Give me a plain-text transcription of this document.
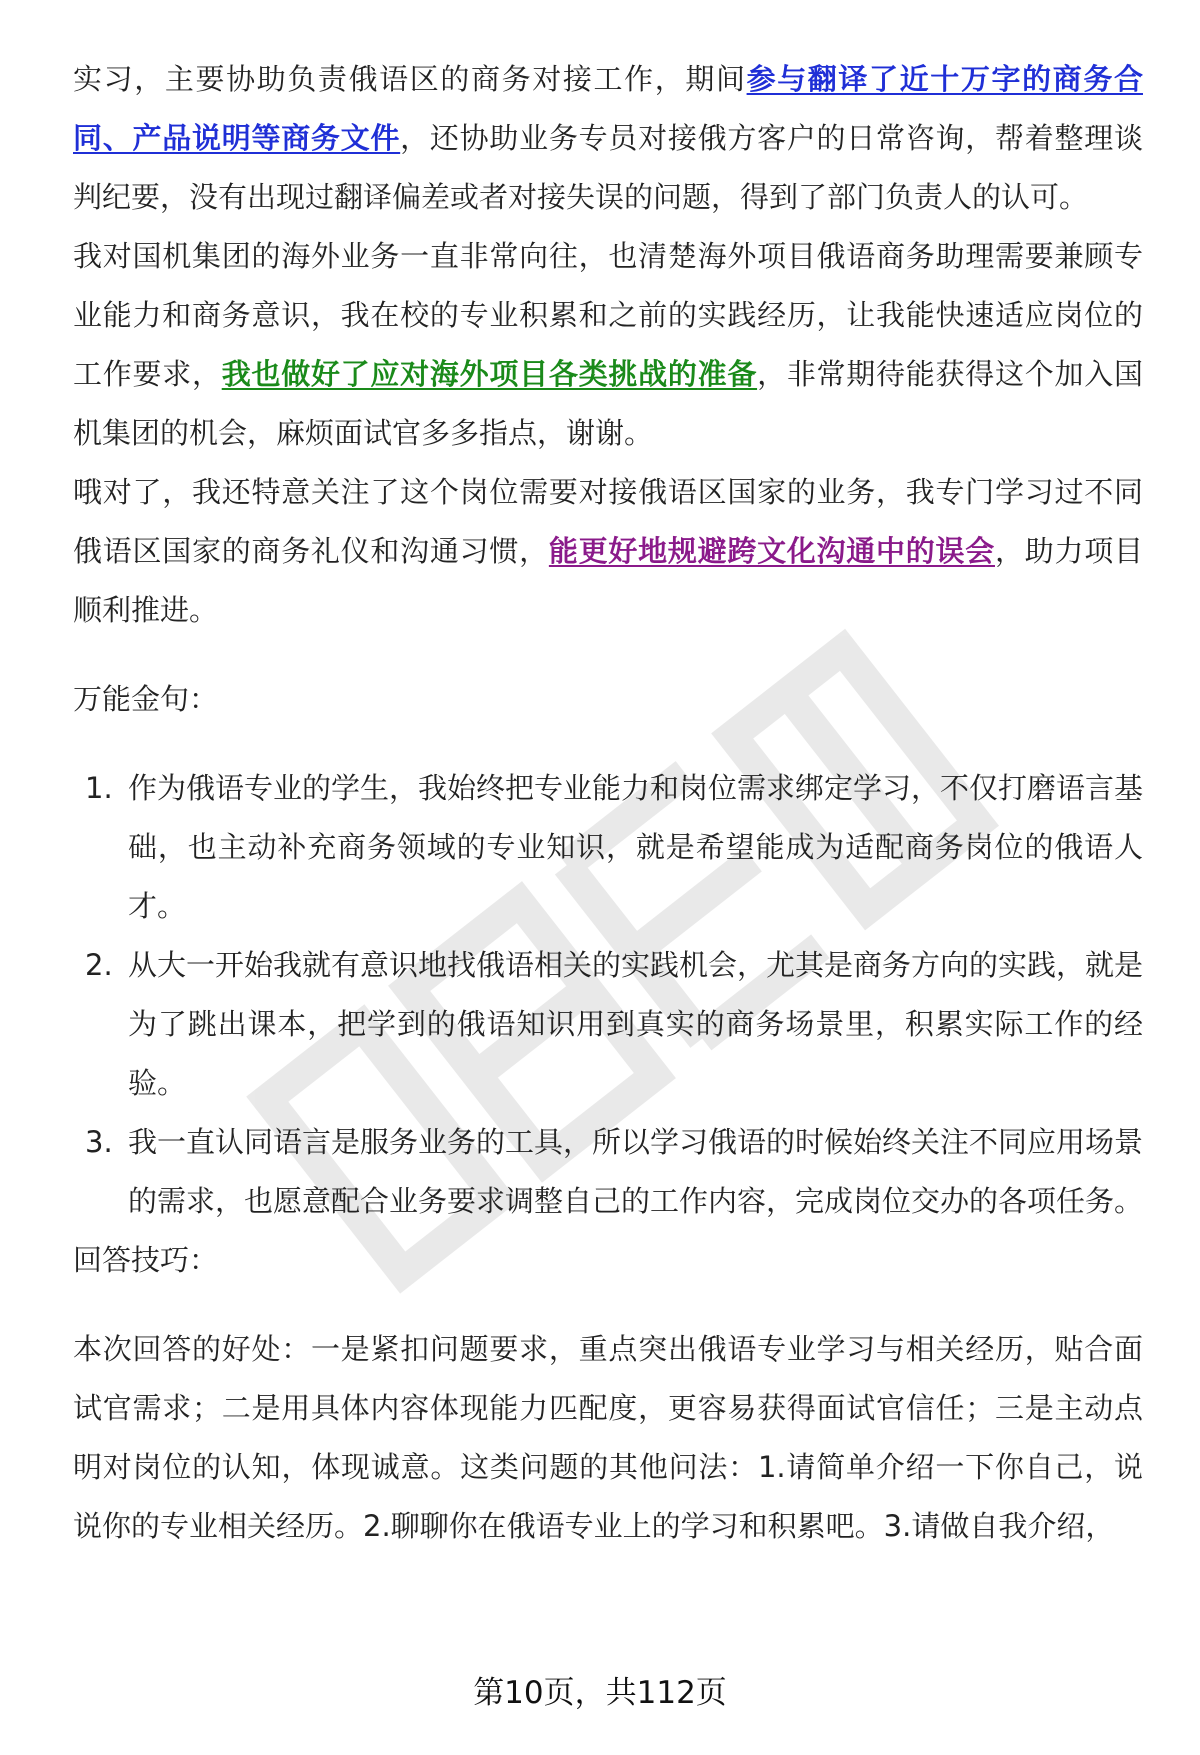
实习，主要协助负责俄语区的商务对接工作，期间参与翻译了近十万字的商务合同、产品说明等商务文件，还协助业务专员对接俄方客户的日常咨询，帮着整理谈判纪要，没有出现过翻译偏差或者对接失误的问题，得到了部门负责人的认可。

我对国机集团的海外业务一直非常向往，也清楚海外项目俄语商务助理需要兼顾专业能力和商务意识，我在校的专业积累和之前的实践经历，让我能快速适应岗位的工作要求，我也做好了应对海外项目各类挑战的准备，非常期待能获得这个加入国机集团的机会，麻烦面试官多多指点，谢谢。

哦对了，我还特意关注了这个岗位需要对接俄语区国家的业务，我专门学习过不同俄语区国家的商务礼仪和沟通习惯，能更好地规避跨文化沟通中的误会，助力项目顺利推进。

万能金句：

1. 作为俄语专业的学生，我始终把专业能力和岗位需求绑定学习，不仅打磨语言基础，也主动补充商务领域的专业知识，就是希望能成为适配商务岗位的俄语人才。
2. 从大一开始我就有意识地找俄语相关的实践机会，尤其是商务方向的实践，就是为了跳出课本，把学到的俄语知识用到真实的商务场景里，积累实际工作的经验。
3. 我一直认同语言是服务业务的工具，所以学习俄语的时候始终关注不同应用场景的需求，也愿意配合业务要求调整自己的工作内容，完成岗位交办的各项任务。

回答技巧：

本次回答的好处：一是紧扣问题要求，重点突出俄语专业学习与相关经历，贴合面试官需求；二是用具体内容体现能力匹配度，更容易获得面试官信任；三是主动点明对岗位的认知，体现诚意。这类问题的其他问法：1.请简单介绍一下你自己，说说你的专业相关经历。2.聊聊你在俄语专业上的学习和积累吧。3.请做自我介绍，

第10页，共112页
